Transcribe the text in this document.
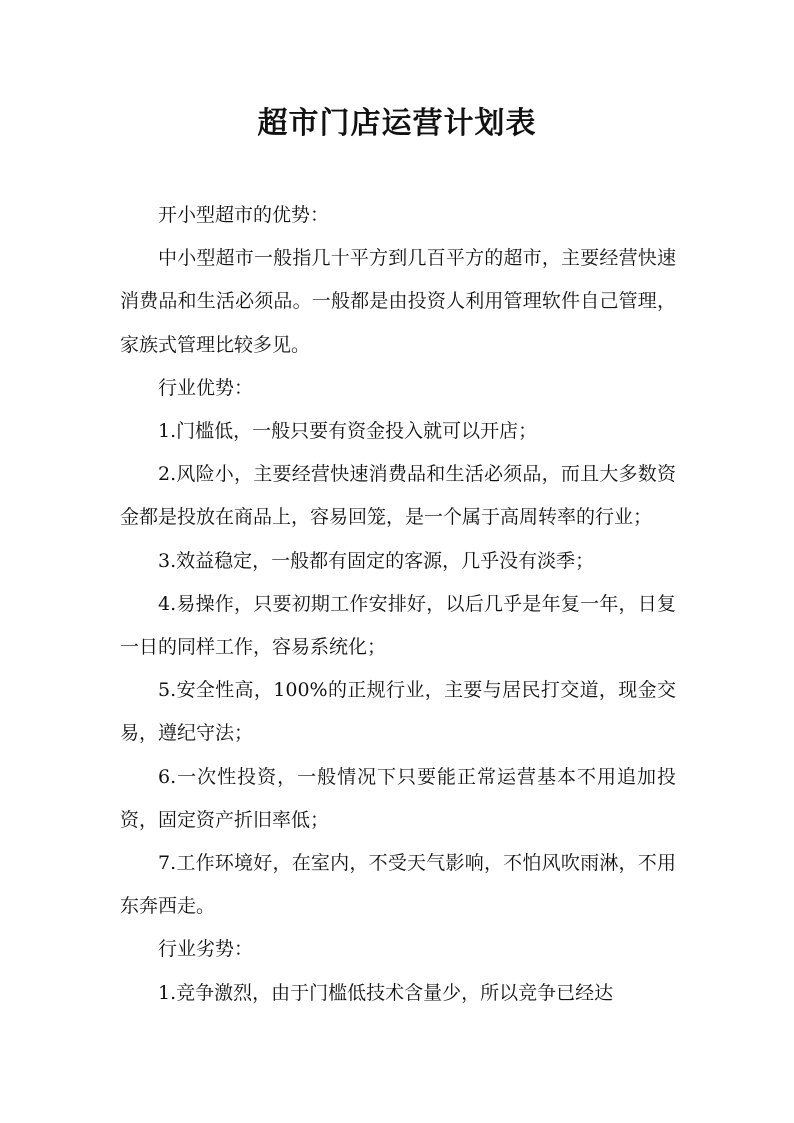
超市门店运营计划表

开小型超市的优势：

中小型超市一般指几十平方到几百平方的超市，主要经营快速消费品和生活必须品。一般都是由投资人利用管理软件自己管理，家族式管理比较多见。

行业优势：

1.门槛低，一般只要有资金投入就可以开店；

2.风险小，主要经营快速消费品和生活必须品，而且大多数资金都是投放在商品上，容易回笼，是一个属于高周转率的行业；

3.效益稳定，一般都有固定的客源，几乎没有淡季；

4.易操作，只要初期工作安排好，以后几乎是年复一年，日复一日的同样工作，容易系统化；

5.安全性高，100%的正规行业，主要与居民打交道，现金交易，遵纪守法；

6.一次性投资，一般情况下只要能正常运营基本不用追加投资，固定资产折旧率低；

7.工作环境好，在室内，不受天气影响，不怕风吹雨淋，不用东奔西走。

行业劣势：

1.竞争激烈，由于门槛低技术含量少，所以竞争已经达
